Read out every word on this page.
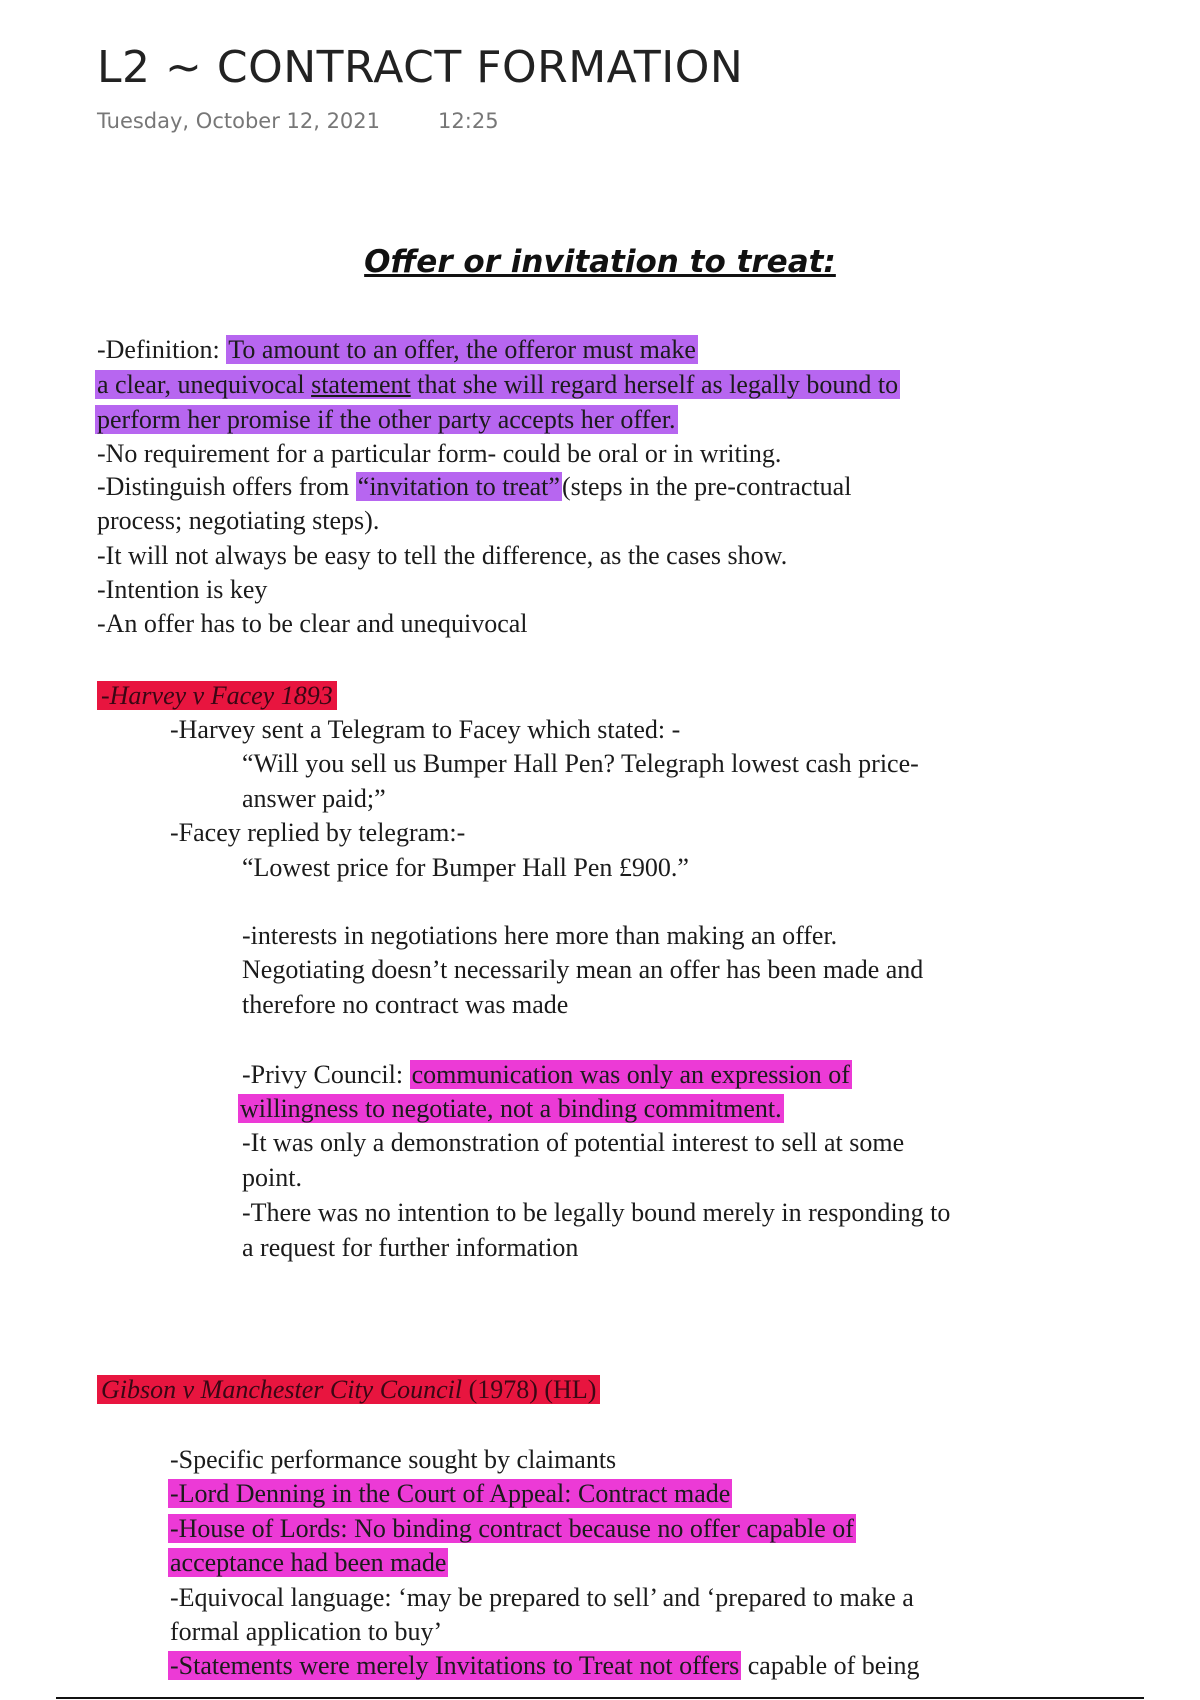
L2 ~ CONTRACT FORMATION
Tuesday, October 12, 2021	12:25
Offer or invitation to treat:
-Definition: To amount to an offer, the offeror must make
a clear, unequivocal statement that she will regard herself as legally bound to
perform her promise if the other party accepts her offer.
-No requirement for a particular form- could be oral or in writing.
-Distinguish offers from “invitation to treat”(steps in the pre-contractual
process; negotiating steps).
-It will not always be easy to tell the difference, as the cases show.
-Intention is key
-An offer has to be clear and unequivocal
-Harvey v Facey 1893
-Harvey sent a Telegram to Facey which stated: -
“Will you sell us Bumper Hall Pen? Telegraph lowest cash price-
answer paid;”
-Facey replied by telegram:-
“Lowest price for Bumper Hall Pen £900.”
-interests in negotiations here more than making an offer.
Negotiating doesn’t necessarily mean an offer has been made and
therefore no contract was made
-Privy Council: communication was only an expression of
willingness to negotiate, not a binding commitment.
-It was only a demonstration of potential interest to sell at some
point.
-There was no intention to be legally bound merely in responding to
a request for further information
Gibson v Manchester City Council (1978) (HL)
-Specific performance sought by claimants
-Lord Denning in the Court of Appeal: Contract made
-House of Lords: No binding contract because no offer capable of
acceptance had been made
-Equivocal language: ‘may be prepared to sell’ and ‘prepared to make a
formal application to buy’
-Statements were merely Invitations to Treat not offers capable of being
